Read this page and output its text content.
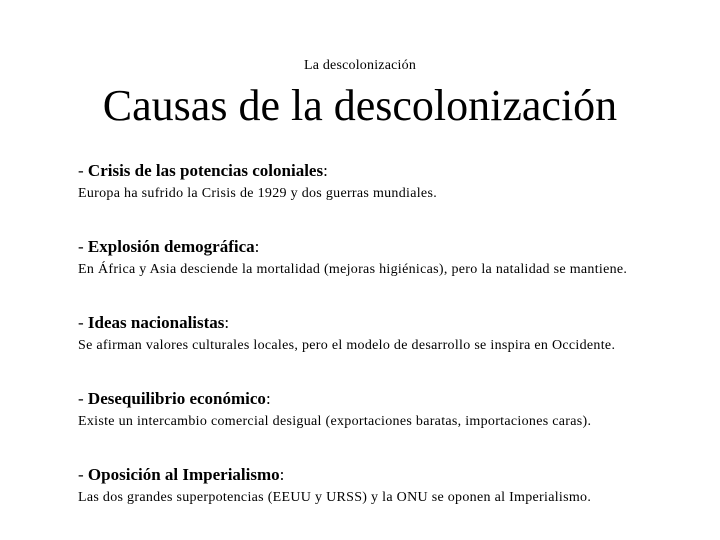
La descolonización
Causas de la descolonización
- Crisis de las potencias coloniales:
Europa ha sufrido la Crisis de 1929 y dos guerras mundiales.
- Explosión demográfica:
En África y Asia desciende la mortalidad (mejoras higiénicas), pero la natalidad se mantiene.
- Ideas nacionalistas:
Se afirman valores culturales locales, pero el modelo de desarrollo se inspira en Occidente.
- Desequilibrio económico:
Existe un intercambio comercial desigual (exportaciones baratas, importaciones caras).
- Oposición al Imperialismo:
Las dos grandes superpotencias (EEUU y URSS) y la ONU se oponen al Imperialismo.
